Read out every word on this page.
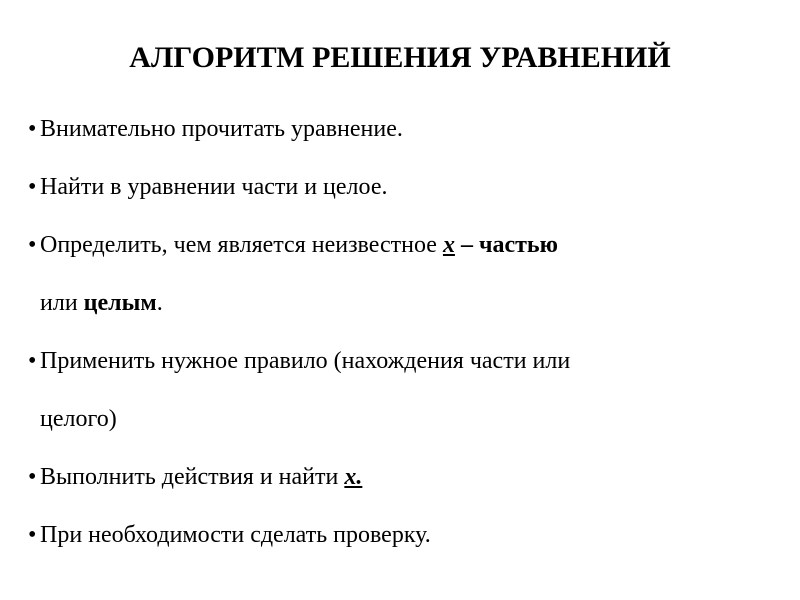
АЛГОРИТМ РЕШЕНИЯ УРАВНЕНИЙ
• Внимательно прочитать уравнение.
• Найти в уравнении части и целое.
• Определить, чем является неизвестное x – частью
или целым.
• Применить нужное правило (нахождения части или
целого)
• Выполнить действия и найти x.
• При необходимости сделать проверку.
